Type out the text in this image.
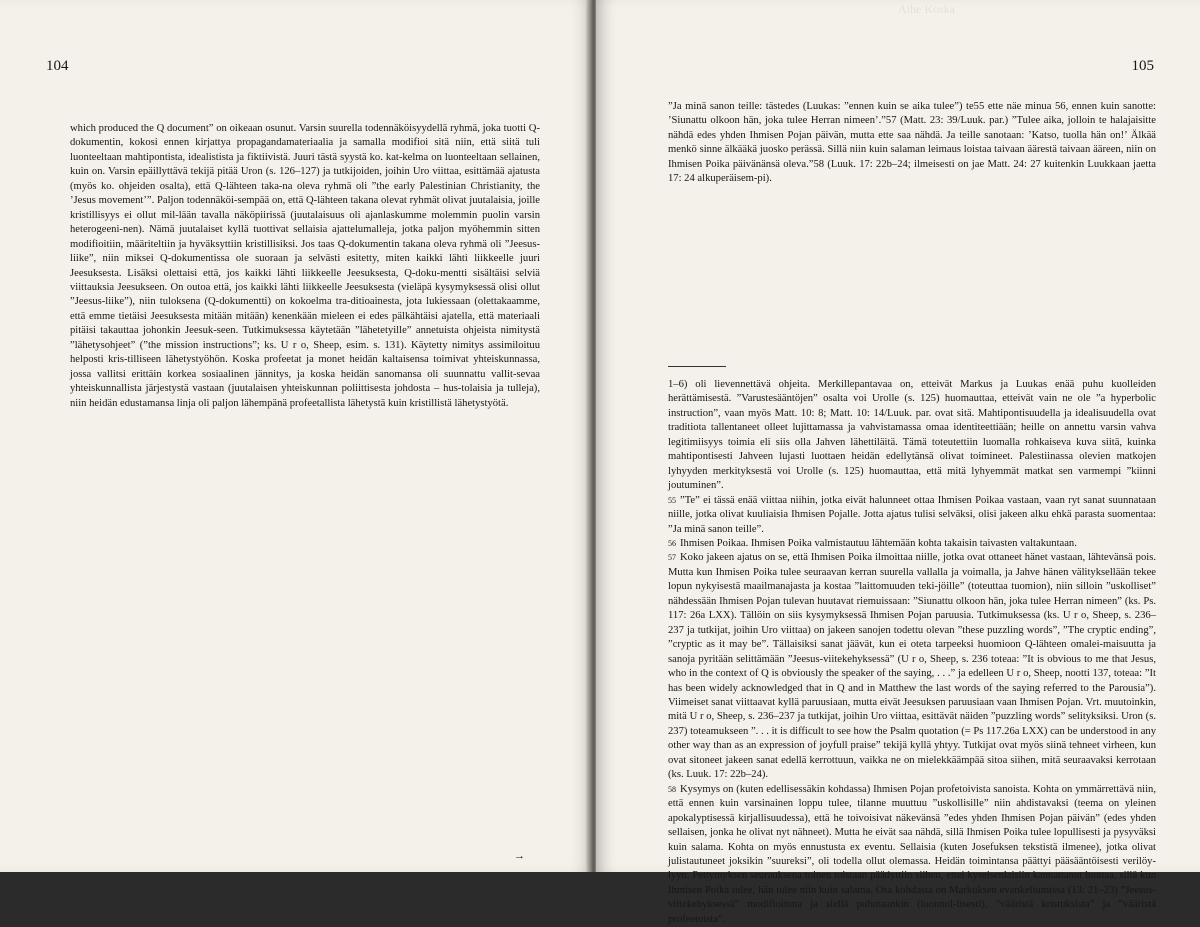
104

which produced the Q document” on oikeaan osunut. Varsin suurella todennäköisyydellä ryhmä, joka tuotti Q-dokumentin, kokosi ennen kirjattya propagandamateriaalia ja samalla modifioi sitä niin, että siitä tuli luonteeltaan mahtipontista, idealistista ja fiktiivistä. Juuri tästä syystä ko. kat-kelma on luonteeltaan sellainen, kuin on. Varsin epäillyttävä tekijä pitää Uron (s. 126–127) ja tutkijoiden, joihin Uro viittaa, esittämää ajatusta (myös ko. ohjeiden osalta), että Q-lähteen taka-na oleva ryhmä oli ”the early Palestinian Christianity, the ’Jesus movement’”. Paljon todennäköi-sempää on, että Q-lähteen takana olevat ryhmät olivat juutalaisia, joille kristillisyys ei ollut mil-lään tavalla näköpiirissä (juutalaisuus oli ajanlaskumme molemmin puolin varsin heterogeeni-nen). Nämä juutalaiset kyllä tuottivat sellaisia ajattelumalleja, jotka paljon myöhemmin sitten modifioitiin, määriteltiin ja hyväksyttiin kristillisiksi. Jos taas Q-dokumentin takana oleva ryhmä oli ”Jeesus-liike”, niin miksei Q-dokumentissa ole suoraan ja selvästi esitetty, miten kaikki lähti liikkeelle juuri Jeesuksesta. Lisäksi olettaisi että, jos kaikki lähti liikkeelle Jeesuksesta, Q-doku-mentti sisältäisi selviä viittauksia Jeesukseen. On outoa että, jos kaikki lähti liikkeelle Jeesuksesta (vieläpä kysymyksessä olisi ollut ”Jeesus-liike”), niin tuloksena (Q-dokumentti) on kokoelma tra-ditioainesta, jota lukiessaan (olettakaamme, että emme tietäisi Jeesuksesta mitään mitään) kenenkään mieleen ei edes pälkähtäisi ajatella, että materiaali pitäisi takauttaa johonkin Jeesuk-seen. Tutkimuksessa käytetään ”lähetetyille” annetuista ohjeista nimitystä ”lähetysohjeet” (”the mission instructions”; ks. U r o, Sheep, esim. s. 131). Käytetty nimitys assimiloituu helposti kris-tilliseen lähetystyöhön. Koska profeetat ja monet heidän kaltaisensa toimivat yhteiskunnassa, jossa vallitsi erittäin korkea sosiaalinen jännitys, ja koska heidän sanomansa oli suunnattu vallit-sevaa yhteiskunnallista järjestystä vastaan (juutalaisen yhteiskunnan poliittisesta johdosta – hus-tolaisia ja tulleja), niin heidän edustamansa linja oli paljon lähempänä profeetallista lähetystä kuin kristillistä lähetystyötä.

→
Aihe Koska
105

”Ja minä sanon teille: tästedes (Luukas: ”ennen kuin se aika tulee”) te55 ette näe minua 56, ennen kuin sanotte: ’Siunattu olkoon hän, joka tulee Herran nimeen’.”57 (Matt. 23: 39/Luuk. par.) ”Tulee aika, jolloin te halajaisitte nähdä edes yhden Ihmisen Pojan päivän, mutta ette saa nähdä. Ja teille sanotaan: ’Katso, tuolla hän on!’ Älkää menkö sinne älkääkä juosko perässä. Sillä niin kuin salaman leimaus loistaa taivaan äärestä taivaan ääreen, niin on Ihmisen Poika päivänänsä oleva.”58 (Luuk. 17: 22b–24; ilmeisesti on jae Matt. 24: 27 kuitenkin Luukkaan jaetta 17: 24 alkuperäisem-pi).

1–6) oli lievennettävä ohjeita. Merkillepantavaa on, etteivät Markus ja Luukas enää puhu kuolleiden herättämisestä. ”Varustesääntöjen” osalta voi Urolle (s. 125) huomauttaa, etteivät vain ne ole ”a hyperbolic instruction”, vaan myös Matt. 10: 8; Matt. 10: 14/Luuk. par. ovat sitä. Mahtipontisuudella ja idealisuudella ovat traditiota tallentaneet olleet lujittamassa ja vahvistamassa omaa identiteettiään; heille on annettu varsin vahva legitimiisyys toimia eli siis olla Jahven lähettiläitä. Tämä toteutettiin luomalla rohkaiseva kuva siitä, kuinka mahtipontisesti Jahveen lujasti luottaen heidän edellytänsä olivat toimineet. Palestiinassa olevien matkojen lyhyyden merkityksestä voi Urolle (s. 125) huomauttaa, että mitä lyhyemmät matkat sen varmempi ”kiinni joutuminen”.

55 ”Te” ei tässä enää viittaa niihin, jotka eivät halunneet ottaa Ihmisen Poikaa vastaan, vaan ryt sanat suunnataan niille, jotka olivat kuuliaisia Ihmisen Pojalle. Jotta ajatus tulisi selväksi, olisi jakeen alku ehkä parasta suomentaa: ”Ja minä sanon teille”.

56 Ihmisen Poikaa. Ihmisen Poika valmistautuu lähtemään kohta takaisin taivasten valtakuntaan.

57 Koko jakeen ajatus on se, että Ihmisen Poika ilmoittaa niille, jotka ovat ottaneet hänet vastaan, lähtevänsä pois. Mutta kun Ihmisen Poika tulee seuraavan kerran suurella vallalla ja voimalla, ja Jahve hänen välityksellään tekee lopun nykyisestä maailmanajasta ja kostaa ”laittomuuden teki-jöille” (toteuttaa tuomion), niin silloin ”uskolliset” nähdessään Ihmisen Pojan tulevan huutavat riemuissaan: ”Siunattu olkoon hän, joka tulee Herran nimeen” (ks. Ps. 117: 26a LXX). Tällöin on siis kysymyksessä Ihmisen Pojan paruusia. Tutkimuksessa (ks. U r o, Sheep, s. 236–237 ja tutkijat, joihin Uro viittaa) on jakeen sanojen todettu olevan ”these puzzling words”, ”The cryptic ending”, ”cryptic as it may be”. Tällaisiksi sanat jäävät, kun ei oteta tarpeeksi huomioon Q-lähteen omalei-maisuutta ja sanoja pyritään selittämään ”Jeesus-viitekehyksessä” (U r o, Sheep, s. 236 toteaa: ”It is obvious to me that Jesus, who in the context of Q is obviously the speaker of the saying, . . .” ja edelleen U r o, Sheep, nootti 137, toteaa: ”It has been widely acknowledged that in Q and in Matthew the last words of the saying referred to the Parousia”). Viimeiset sanat viittaavat kyllä paruusiaan, mutta eivät Jeesuksen paruusiaan vaan Ihmisen Pojan. Vrt. muutoinkin, mitä U r o, Sheep, s. 236–237 ja tutkijat, joihin Uro viittaa, esittävät näiden ”puzzling words” selityksiksi. Uron (s. 237) toteamukseen ”. . . it is difficult to see how the Psalm quotation (= Ps 117.26a LXX) can be understood in any other way than as an expression of joyfull praise” tekijä kyllä yhtyy. Tutkijat ovat myös siinä tehneet virheen, kun ovat sitoneet jakeen sanat edellä kerrottuun, vaikka ne on mielekkäämpää sitoa siihen, mitä seuraavaksi kerrotaan (ks. Luuk. 17: 22b–24).

58 Kysymys on (kuten edellisessäkin kohdassa) Ihmisen Pojan profetoivista sanoista. Kohta on ymmärrettävä niin, että ennen kuin varsinainen loppu tulee, tilanne muuttuu ”uskollisille” niin ahdistavaksi (teema on yleinen apokalyptisessä kirjallisuudessa), että he toivoisivat näkevänsä ”edes yhden Ihmisen Pojan päivän” (edes yhden sellaisen, jonka he olivat nyt nähneet). Mutta he eivät saa nähdä, sillä Ihmisen Poika tulee lopullisesti ja pysyväksi kuin salama. Kohta on myös ennustusta ex eventu. Sellaisia (kuten Josefuksen tekstistä ilmenee), jotka olivat julistautuneet joksikin ”suureksi”, oli todella ollut olemassa. Heidän toimintansa päättyi pääsääntöisesti verilöy-lyyn. Pettymyksen seurauksena toinen toistaan päädyttiin siihen, ettei kyseisenlaisiin kannattanut luottaa, sillä kun Ihmisen Poika tulee, hän tulee niin kuin salama. Osa kohdasta on Markuksen evankeliumissa (13: 21–23) ”Jeesus-viitekehyksessä” modifioituna ja siellä puhutaankin (luonnol-lisesti), ”vääristä kristuksista” ja ”vääristä profeetoista”.
